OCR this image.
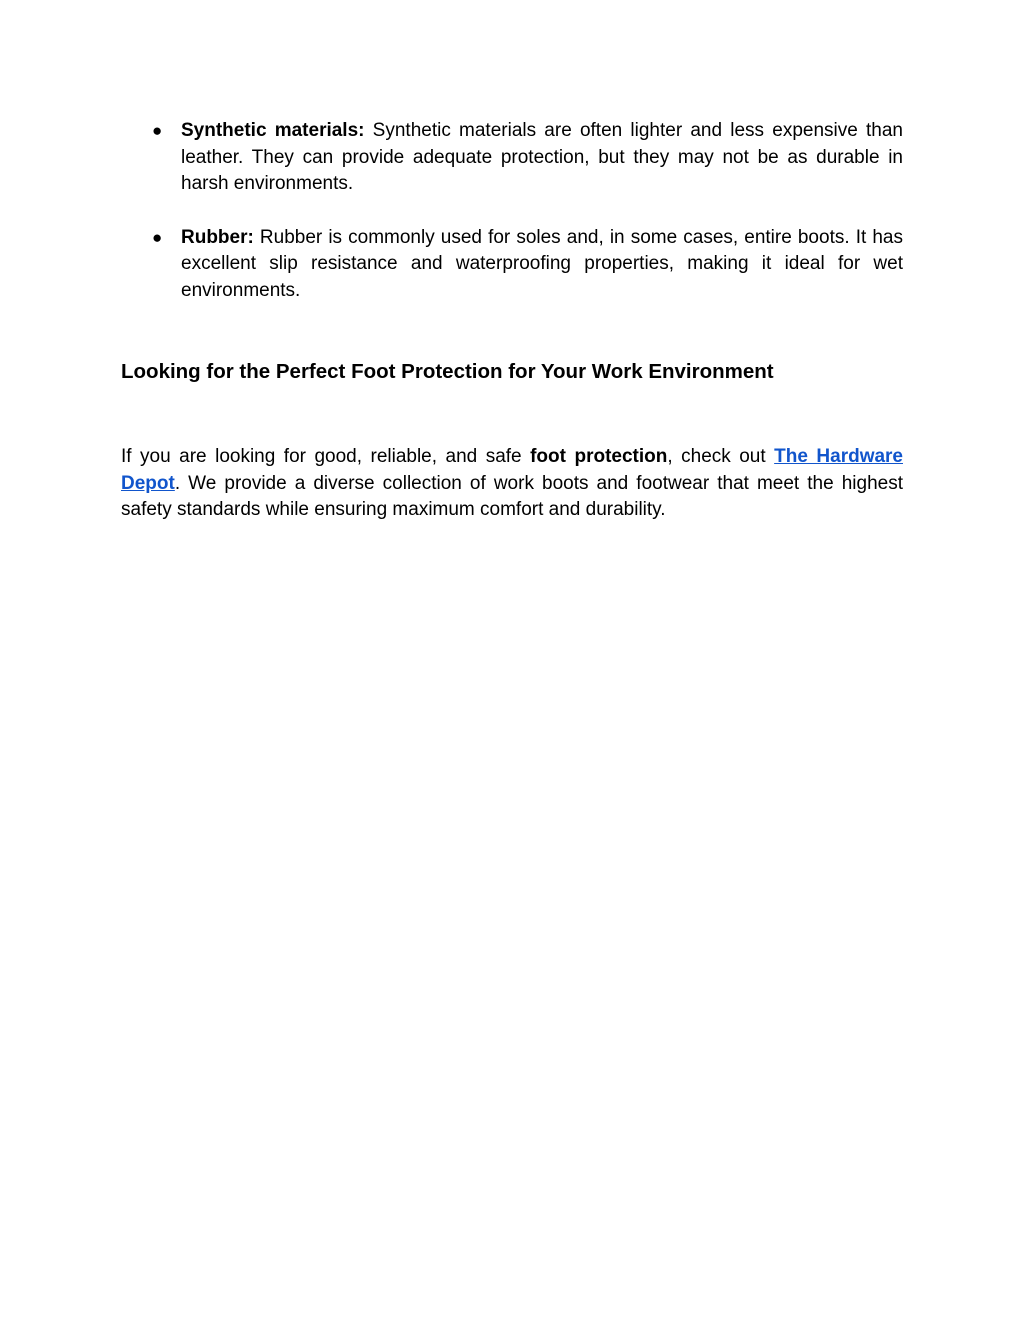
● Synthetic materials: Synthetic materials are often lighter and less expensive than leather. They can provide adequate protection, but they may not be as durable in harsh environments.
● Rubber: Rubber is commonly used for soles and, in some cases, entire boots. It has excellent slip resistance and waterproofing properties, making it ideal for wet environments.
Looking for the Perfect Foot Protection for Your Work Environment

If you are looking for good, reliable, and safe foot protection, check out The Hardware Depot. We provide a diverse collection of work boots and footwear that meet the highest safety standards while ensuring maximum comfort and durability.
